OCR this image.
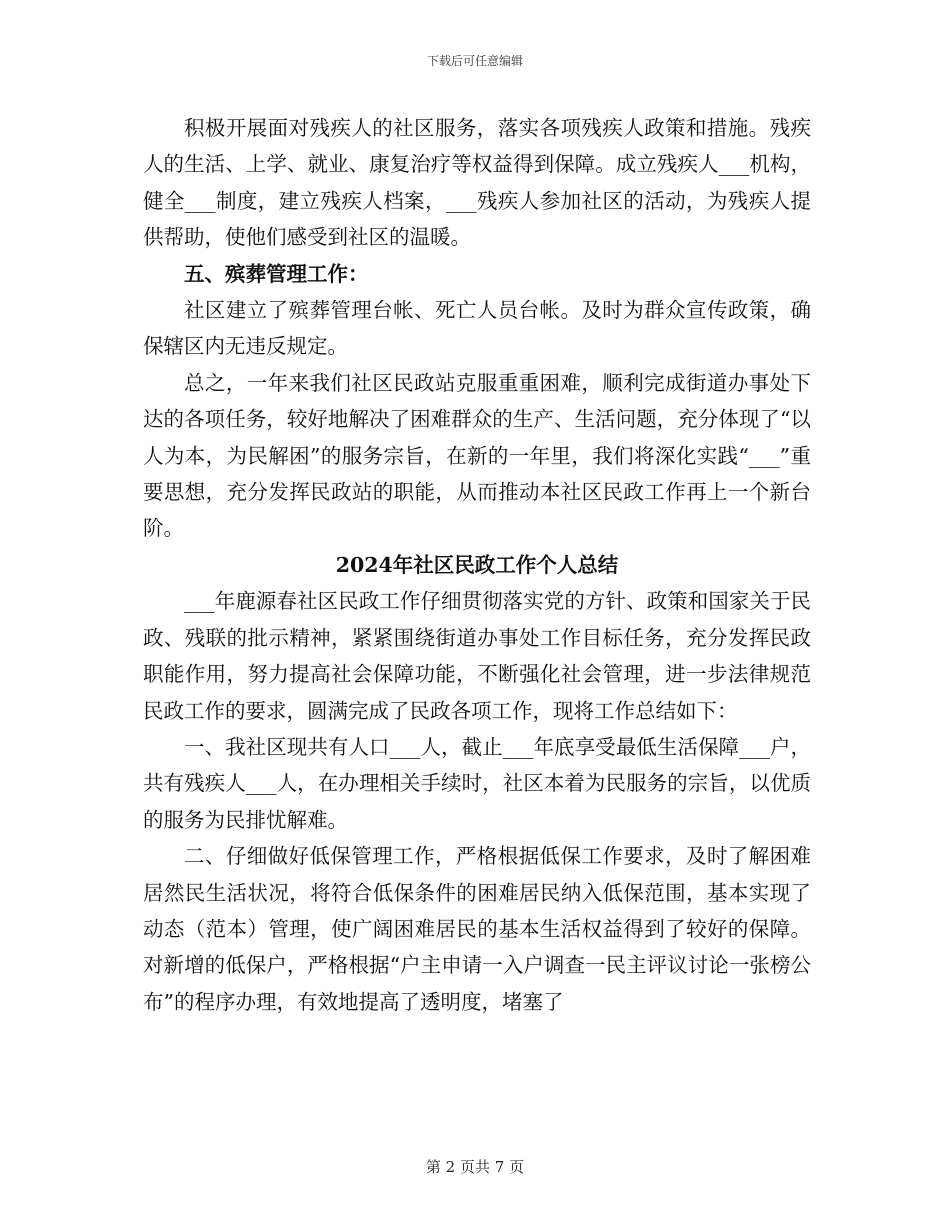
下载后可任意编辑

积极开展面对残疾人的社区服务，落实各项残疾人政策和措施。残疾人的生活、上学、就业、康复治疗等权益得到保障。成立残疾人___机构，健全___制度，建立残疾人档案，___残疾人参加社区的活动，为残疾人提供帮助，使他们感受到社区的温暖。

五、殡葬管理工作：

社区建立了殡葬管理台帐、死亡人员台帐。及时为群众宣传政策，确保辖区内无违反规定。

总之，一年来我们社区民政站克服重重困难，顺利完成街道办事处下达的各项任务，较好地解决了困难群众的生产、生活问题，充分体现了“以人为本，为民解困”的服务宗旨，在新的一年里，我们将深化实践“___”重要思想，充分发挥民政站的职能，从而推动本社区民政工作再上一个新台阶。

2024年社区民政工作个人总结

___年鹿源春社区民政工作仔细贯彻落实党的方针、政策和国家关于民政、残联的批示精神，紧紧围绕街道办事处工作目标任务，充分发挥民政职能作用，努力提高社会保障功能，不断强化社会管理，进一步法律规范民政工作的要求，圆满完成了民政各项工作，现将工作总结如下：

一、我社区现共有人口___人，截止___年底享受最低生活保障___户，共有残疾人___人，在办理相关手续时，社区本着为民服务的宗旨，以优质的服务为民排忧解难。

二、仔细做好低保管理工作，严格根据低保工作要求，及时了解困难居然民生活状况，将符合低保条件的困难居民纳入低保范围，基本实现了动态（范本）管理，使广阔困难居民的基本生活权益得到了较好的保障。对新增的低保户，严格根据“户主申请一入户调查一民主评议讨论一张榜公布”的程序办理，有效地提高了透明度，堵塞了

第 2 页共 7 页
